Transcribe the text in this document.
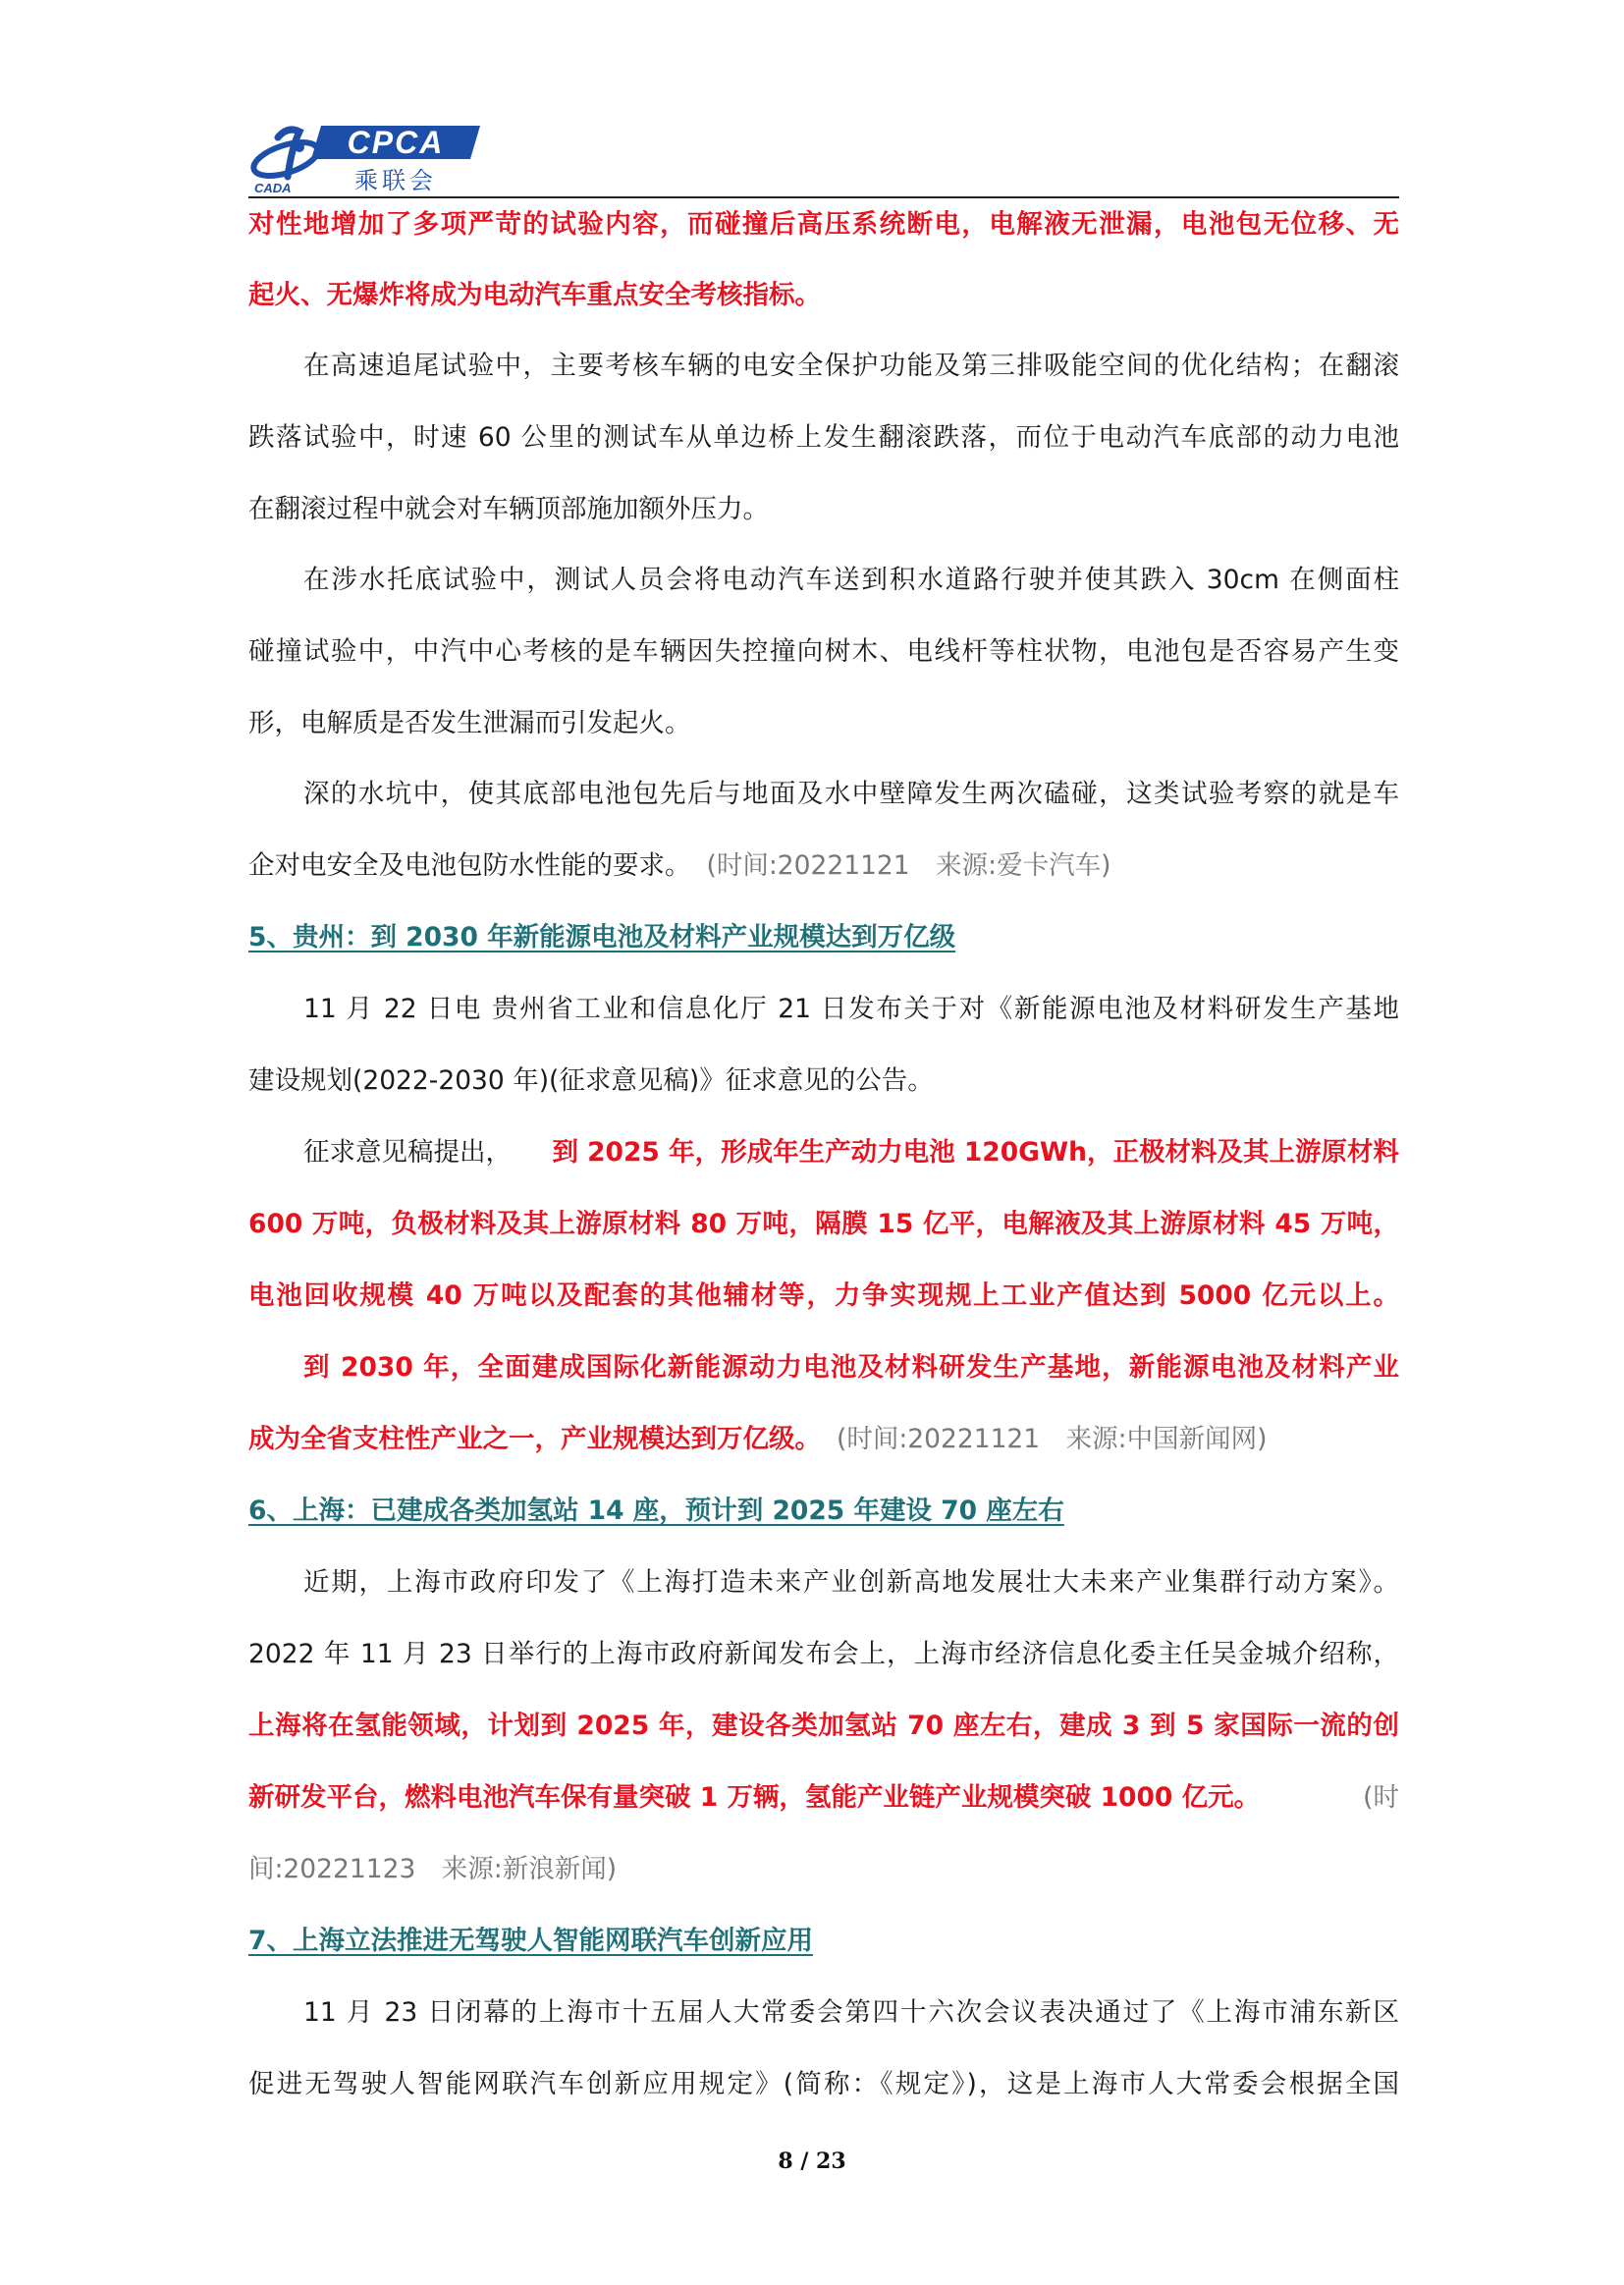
CPCA
乘联会
CADA
对性地增加了多项严苛的试验内容，而碰撞后高压系统断电，电解液无泄漏，电池包无位移、无
起火、无爆炸将成为电动汽车重点安全考核指标。
在高速追尾试验中，主要考核车辆的电安全保护功能及第三排吸能空间的优化结构；在翻滚
跌落试验中，时速 60 公里的测试车从单边桥上发生翻滚跌落，而位于电动汽车底部的动力电池
在翻滚过程中就会对车辆顶部施加额外压力。
在涉水托底试验中，测试人员会将电动汽车送到积水道路行驶并使其跌入 30cm 在侧面柱
碰撞试验中，中汽中心考核的是车辆因失控撞向树木、电线杆等柱状物，电池包是否容易产生变
形，电解质是否发生泄漏而引发起火。
深的水坑中，使其底部电池包先后与地面及水中壁障发生两次磕碰，这类试验考察的就是车
企对电安全及电池包防水性能的要求。 (时间:20221121　来源:爱卡汽车)
5、贵州：到 2030 年新能源电池及材料产业规模达到万亿级
11 月 22 日电 贵州省工业和信息化厅 21 日发布关于对《新能源电池及材料研发生产基地
建设规划(2022-2030 年)(征求意见稿)》征求意见的公告。
征求意见稿提出， 到 2025 年，形成年生产动力电池 120GWh，正极材料及其上游原材料
600 万吨，负极材料及其上游原材料 80 万吨，隔膜 15 亿平，电解液及其上游原材料 45 万吨，
电池回收规模 40 万吨以及配套的其他辅材等，力争实现规上工业产值达到 5000 亿元以上。
到 2030 年，全面建成国际化新能源动力电池及材料研发生产基地，新能源电池及材料产业
成为全省支柱性产业之一，产业规模达到万亿级。 (时间:20221121　来源:中国新闻网)
6、上海：已建成各类加氢站 14 座，预计到 2025 年建设 70 座左右
近期，上海市政府印发了《上海打造未来产业创新高地发展壮大未来产业集群行动方案》。
2022 年 11 月 23 日举行的上海市政府新闻发布会上，上海市经济信息化委主任吴金城介绍称，
上海将在氢能领域，计划到 2025 年，建设各类加氢站 70 座左右，建成 3 到 5 家国际一流的创
新研发平台，燃料电池汽车保有量突破 1 万辆，氢能产业链产业规模突破 1000 亿元。	(时
间:20221123　来源:新浪新闻)
7、上海立法推进无驾驶人智能网联汽车创新应用
11 月 23 日闭幕的上海市十五届人大常委会第四十六次会议表决通过了《上海市浦东新区
促进无驾驶人智能网联汽车创新应用规定》(简称：《规定》)，这是上海市人大常委会根据全国
8 / 23
